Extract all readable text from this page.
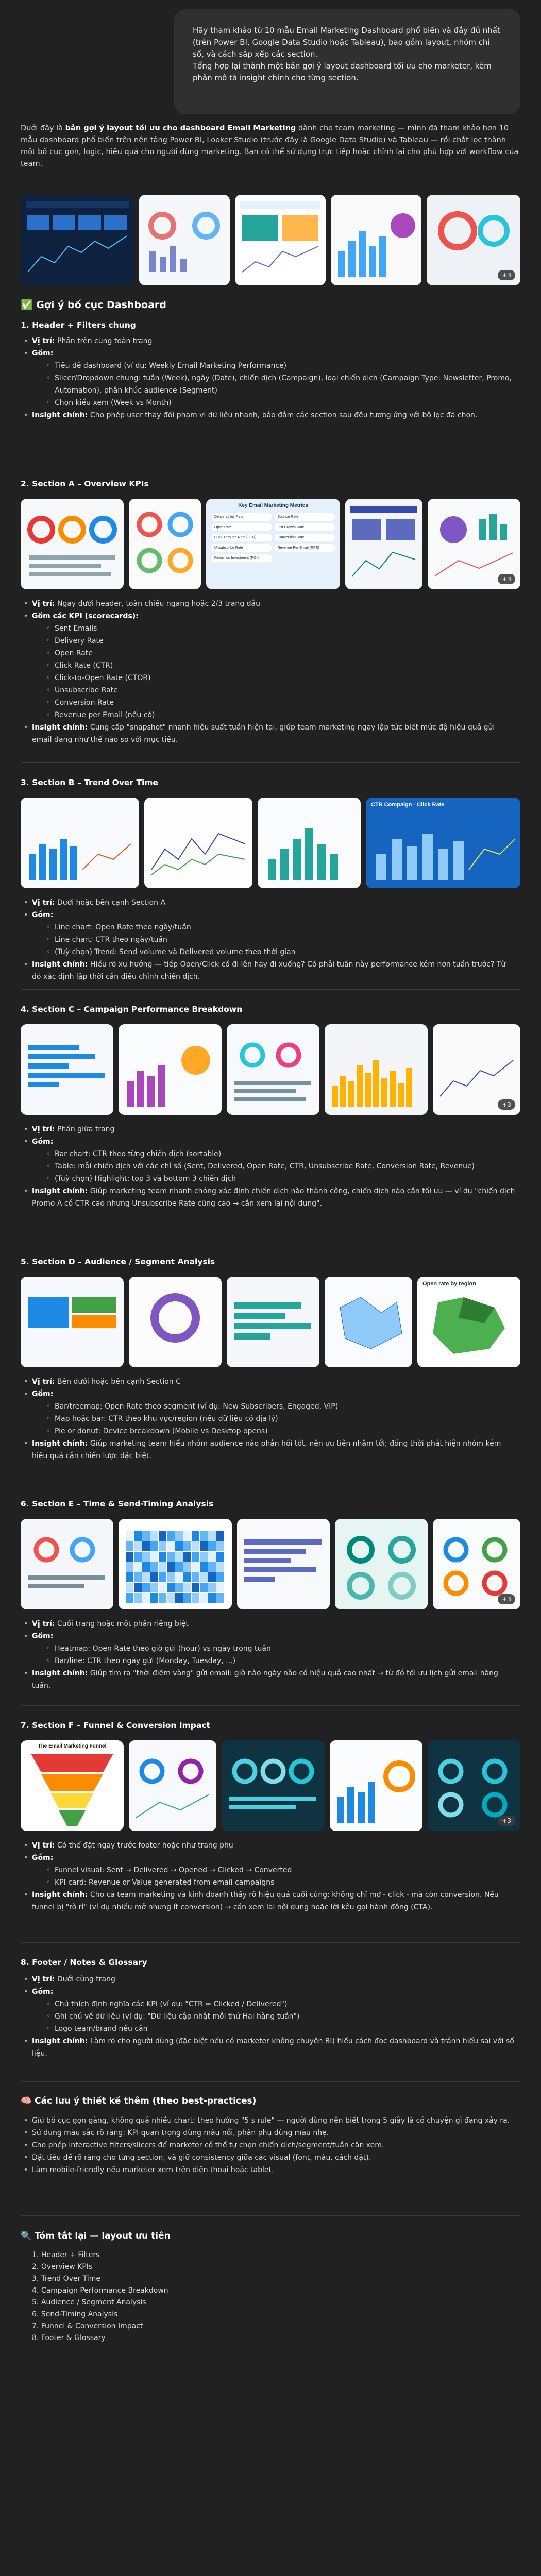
Hãy tham khảo từ 10 mẫu Email Marketing Dashboard phổ biến và đầy đủ nhất (trên Power BI, Google Data Studio hoặc Tableau), bao gồm layout, nhóm chỉ số, và cách sắp xếp các section.
Tổng hợp lại thành một bản gợi ý layout dashboard tối ưu cho marketer, kèm phân mô tả insight chính cho từng section.
Dưới đây là bản gợi ý layout tối ưu cho dashboard Email Marketing dành cho team marketing — mình đã tham khảo hơn 10 mẫu dashboard phổ biến trên nền tảng Power BI, Looker Studio (trước đây là Google Data Studio) và Tableau — rồi chắt lọc thành một bố cục gọn, logic, hiệu quả cho người dùng marketing. Bạn có thể sử dụng trực tiếp hoặc chỉnh lại cho phù hợp với workflow của team.
+3
✅ Gợi ý bố cục Dashboard
1. Header + Filters chung
• Vị trí: Phần trên cùng toàn trang
• Gồm:
◦ Tiêu đề dashboard (ví dụ: Weekly Email Marketing Performance)
◦ Slicer/Dropdown chung: tuần (Week), ngày (Date), chiến dịch (Campaign), loại chiến dịch (Campaign Type: Newsletter, Promo, Automation), phân khúc audience (Segment)
◦ Chọn kiểu xem (Week vs Month)
• Insight chính: Cho phép user thay đổi phạm vi dữ liệu nhanh, bảo đảm các section sau đều tương ứng với bộ lọc đã chọn.
2. Section A – Overview KPIs
Key Email Marketing Metrics
Deliverability Rate	Bounce Rate
Open Rate	List Growth Rate
Click-Through Rate (CTR)	Conversion Rate
Unsubscribe Rate	Revenue Per Email (RPE)
Return on Investment (ROI)
+3
• Vị trí: Ngay dưới header, toàn chiều ngang hoặc 2/3 trang đầu
• Gồm các KPI (scorecards):
◦ Sent Emails
◦ Delivery Rate
◦ Open Rate
◦ Click Rate (CTR)
◦ Click-to-Open Rate (CTOR)
◦ Unsubscribe Rate
◦ Conversion Rate
◦ Revenue per Email (nếu có)
• Insight chính: Cung cấp "snapshot" nhanh hiệu suất tuần hiện tại, giúp team marketing ngay lập tức biết mức độ hiệu quả gửi email đang như thế nào so với mục tiêu.
3. Section B – Trend Over Time
CTR Compaign - Click Rate
• Vị trí: Dưới hoặc bên cạnh Section A
• Gồm:
◦ Line chart: Open Rate theo ngày/tuần
◦ Line chart: CTR theo ngày/tuần
◦ (Tuỳ chọn) Trend: Send volume và Delivered volume theo thời gian
• Insight chính: Hiểu rõ xu hướng — tiếp Open/Click có đi lên hay đi xuống? Có phải tuần này performance kém hơn tuần trước? Từ đó xác định lập thời cần điều chỉnh chiến dịch.
4. Section C – Campaign Performance Breakdown
+3
• Vị trí: Phần giữa trang
• Gồm:
◦ Bar chart: CTR theo từng chiến dịch (sortable)
◦ Table: mỗi chiến dịch với các chỉ số (Sent, Delivered, Open Rate, CTR, Unsubscribe Rate, Conversion Rate, Revenue)
◦ (Tuỳ chọn) Highlight: top 3 và bottom 3 chiến dịch
• Insight chính: Giúp marketing team nhanh chóng xác định chiến dịch nào thành công, chiến dịch nào cần tối ưu — ví dụ "chiến dịch Promo A có CTR cao nhưng Unsubscribe Rate cũng cao → cần xem lại nội dung".
5. Section D – Audience / Segment Analysis
Open rate by region
• Vị trí: Bên dưới hoặc bên cạnh Section C
• Gồm:
◦ Bar/treemap: Open Rate theo segment (ví dụ: New Subscribers, Engaged, VIP)
◦ Map hoặc bar: CTR theo khu vực/region (nếu dữ liệu có địa lý)
◦ Pie or donut: Device breakdown (Mobile vs Desktop opens)
• Insight chính: Giúp marketing team hiểu nhóm audience nào phản hồi tốt, nên ưu tiên nhắm tới; đồng thời phát hiện nhóm kém hiệu quả cần chiến lược đặc biệt.
6. Section E – Time & Send-Timing Analysis
+3
• Vị trí: Cuối trang hoặc một phần riêng biệt
• Gồm:
◦ Heatmap: Open Rate theo giờ gửi (hour) vs ngày trong tuần
◦ Bar/line: CTR theo ngày gửi (Monday, Tuesday, ...)
• Insight chính: Giúp tìm ra "thời điểm vàng" gửi email: giờ nào ngày nào có hiệu quả cao nhất → từ đó tối ưu lịch gửi email hàng tuần.
7. Section F – Funnel & Conversion Impact
The Email Marketing Funnel
+3
• Vị trí: Có thể đặt ngay trước footer hoặc như trang phụ
• Gồm:
◦ Funnel visual: Sent → Delivered → Opened → Clicked → Converted
◦ KPI card: Revenue or Value generated from email campaigns
• Insight chính: Cho cả team marketing và kinh doanh thấy rõ hiệu quả cuối cùng: không chỉ mở - click - mà còn conversion. Nếu funnel bị "rò rỉ" (ví dụ nhiều mở nhưng ít conversion) → cần xem lại nội dung hoặc lời kêu gọi hành động (CTA).
8. Footer / Notes & Glossary
• Vị trí: Dưới cùng trang
• Gồm:
◦ Chú thích định nghĩa các KPI (ví dụ: "CTR = Clicked / Delivered")
◦ Ghi chú về dữ liệu (ví dụ: "Dữ liệu cập nhật mỗi thứ Hai hàng tuần")
◦ Logo team/brand nếu cần
• Insight chính: Làm rõ cho người dùng (đặc biệt nếu có marketer không chuyên BI) hiểu cách đọc dashboard và tránh hiểu sai với số liệu.
🧠 Các lưu ý thiết kế thêm (theo best-practices)
• Giữ bố cục gọn gàng, không quá nhiều chart: theo hướng "5 s rule" — người dùng nên biết trong 5 giây là có chuyện gì đang xảy ra.
• Sử dụng màu sắc rõ ràng: KPI quan trọng dùng màu nổi, phân phụ dùng màu nhẹ.
• Cho phép interactive filters/slicers để marketer có thể tự chọn chiến dịch/segment/tuần cần xem.
• Đặt tiêu đề rõ ràng cho từng section, và giữ consistency giữa các visual (font, màu, cách đặt).
• Làm mobile-friendly nếu marketer xem trên điện thoại hoặc tablet.
🔍 Tóm tắt lại — layout ưu tiên
1. Header + Filters
2. Overview KPIs
3. Trend Over Time
4. Campaign Performance Breakdown
5. Audience / Segment Analysis
6. Send-Timing Analysis
7. Funnel & Conversion Impact
8. Footer & Glossary
